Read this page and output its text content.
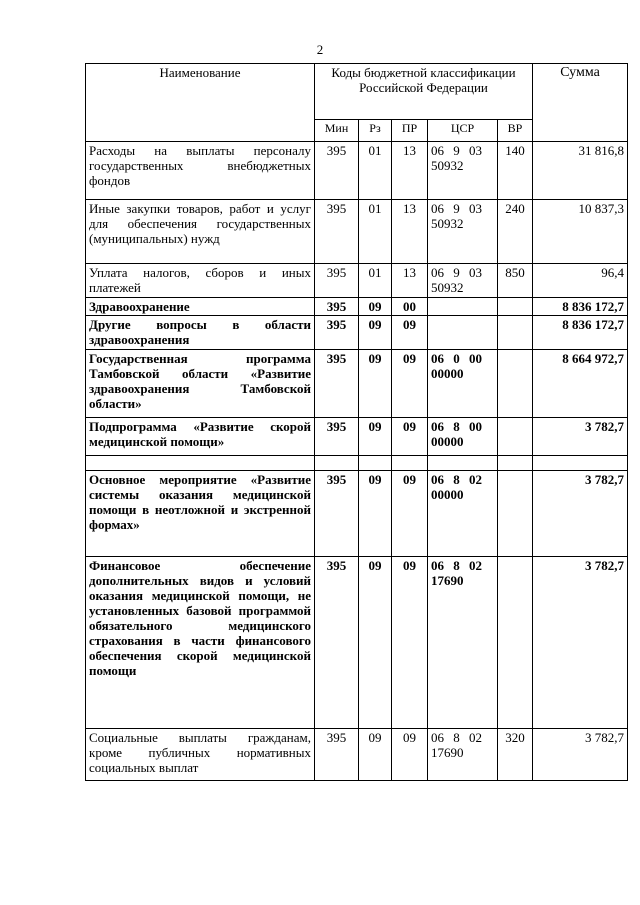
2
Наименование	Коды бюджетной классификации Российской Федерации					Сумма
	Мин	Рз	ПР	ЦСР	ВР	
Расходы на выплаты персоналу государственных внебюджетных фондов	395	01	13	06 9 03 50932	140	31 816,8
Иные закупки товаров, работ и услуг для обеспечения государственных (муниципальных) нужд	395	01	13	06 9 03 50932	240	10 837,3
Уплата налогов, сборов и иных платежей	395	01	13	06 9 03 50932	850	96,4
Здравоохранение	395	09	00			8 836 172,7
Другие вопросы в области здравоохранения	395	09	09			8 836 172,7
Государственная программа Тамбовской области «Развитие здравоохранения Тамбовской области»	395	09	09	06 0 00 00000		8 664 972,7
Подпрограмма «Развитие скорой медицинской помощи»	395	09	09	06 8 00 00000		3 782,7

Основное мероприятие «Развитие системы оказания медицинской помощи в неотложной и экстренной формах»	395	09	09	06 8 02 00000		3 782,7
Финансовое обеспечение дополнительных видов и условий оказания медицинской помощи, не установленных базовой программой обязательного медицинского страхования в части финансового обеспечения скорой медицинской помощи	395	09	09	06 8 02 17690		3 782,7
Социальные выплаты гражданам, кроме публичных нормативных социальных выплат	395	09	09	06 8 02 17690	320	3 782,7
